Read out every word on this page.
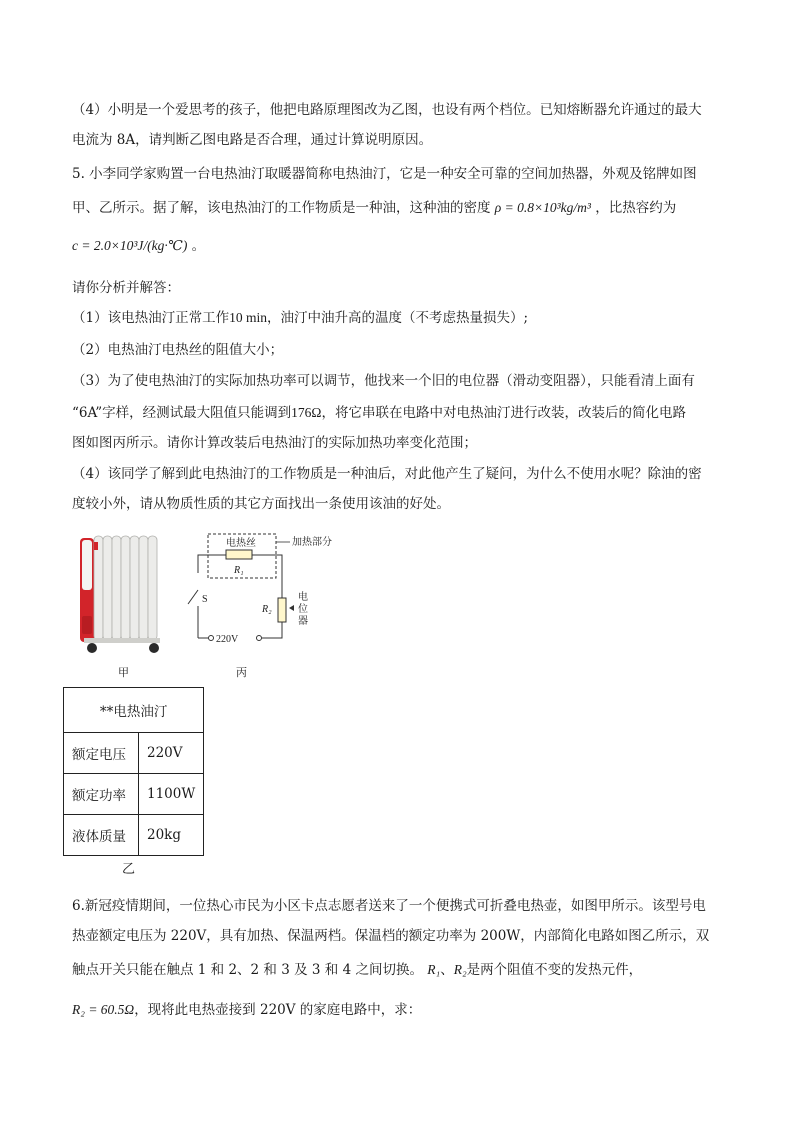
（4）小明是一个爱思考的孩子，他把电路原理图改为乙图，也设有两个档位。已知熔断器允许通过的最大
电流为 8A，请判断乙图电路是否合理，通过计算说明原因。
5. 小李同学家购置一台电热油汀取暖器简称电热油汀，它是一种安全可靠的空间加热器，外观及铭牌如图
甲、乙所示。据了解，该电热油汀的工作物质是一种油，这种油的密度 ρ = 0.8×10³kg/m³ ，比热容约为
c = 2.0×10³J/(kg·℃) 。
请你分析并解答：
（1）该电热油汀正常工作10 min，油汀中油升高的温度（不考虑热量损失）;
（2）电热油汀电热丝的阻值大小；
（3）为了使电热油汀的实际加热功率可以调节，他找来一个旧的电位器（滑动变阻器），只能看清上面有
“6A”字样，经测试最大阻值只能调到176Ω，将它串联在电路中对电热油汀进行改装，改装后的简化电路
图如图丙所示。请你计算改装后电热油汀的实际加热功率变化范围；
（4）该同学了解到此电热油汀的工作物质是一种油后，对此他产生了疑问，为什么不使用水呢？除油的密
度较小外，请从物质性质的其它方面找出一条使用该油的好处。
甲
电热丝
R₁
加热部分
S
R₂
电
位
器
220V
丙
**电热油汀	
额定电压	220V
额定功率	1100W
液体质量	20kg
乙
6.新冠疫情期间，一位热心市民为小区卡点志愿者送来了一个便携式可折叠电热壶，如图甲所示。该型号电
热壶额定电压为 220V，具有加热、保温两档。保温档的额定功率为 200W，内部简化电路如图乙所示，双
触点开关只能在触点 1 和 2、2 和 3 及 3 和 4 之间切换。 R₁、R₂是两个阻值不变的发热元件，
R₂ = 60.5Ω，现将此电热壶接到 220V 的家庭电路中，求：
